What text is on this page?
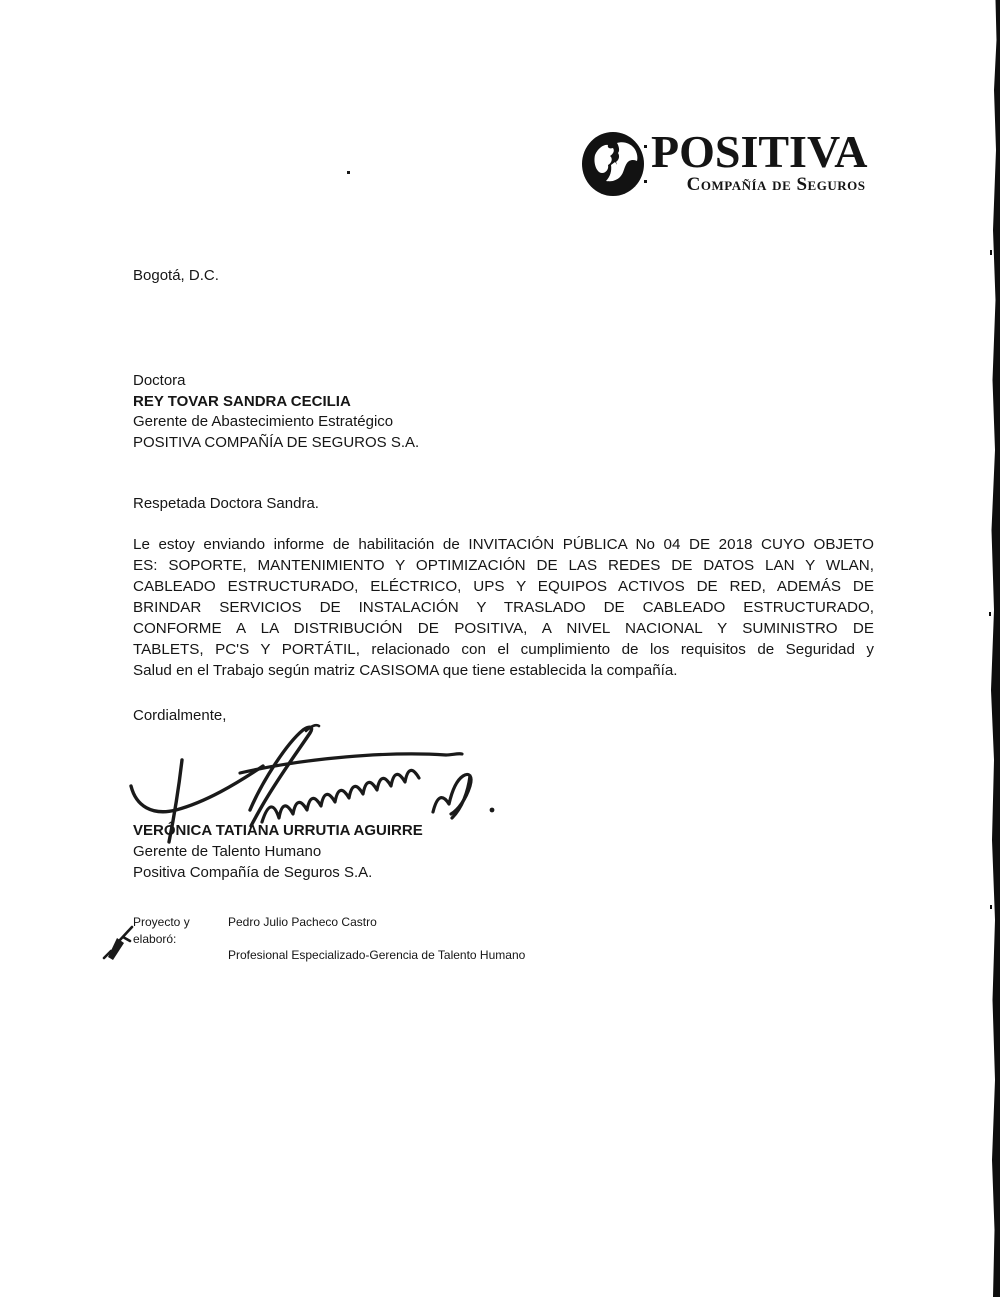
POSITIVA
Compañía de Seguros
Bogotá, D.C.
Doctora
REY TOVAR SANDRA CECILIA
Gerente de Abastecimiento Estratégico
POSITIVA COMPAÑÍA DE SEGUROS S.A.
Respetada Doctora Sandra.
Le estoy enviando informe de habilitación de INVITACIÓN PÚBLICA No 04 DE 2018 CUYO OBJETO
ES: SOPORTE, MANTENIMIENTO Y OPTIMIZACIÓN DE LAS REDES DE DATOS LAN Y WLAN,
CABLEADO ESTRUCTURADO, ELÉCTRICO, UPS Y EQUIPOS ACTIVOS DE RED, ADEMÁS DE
BRINDAR SERVICIOS DE INSTALACIÓN Y TRASLADO DE CABLEADO ESTRUCTURADO,
CONFORME A LA DISTRIBUCIÓN DE POSITIVA, A NIVEL NACIONAL Y SUMINISTRO DE
TABLETS, PC'S Y PORTÁTIL, relacionado con el cumplimiento de los requisitos de Seguridad y
Salud en el Trabajo según matriz CASISOMA que tiene establecida la compañía.
Cordialmente,
VERÓNICA TATIANA URRUTIA AGUIRRE
Gerente de Talento Humano
Positiva Compañía de Seguros S.A.
Proyecto y elaboró:
Pedro Julio Pacheco Castro
Profesional Especializado-Gerencia de Talento Humano
